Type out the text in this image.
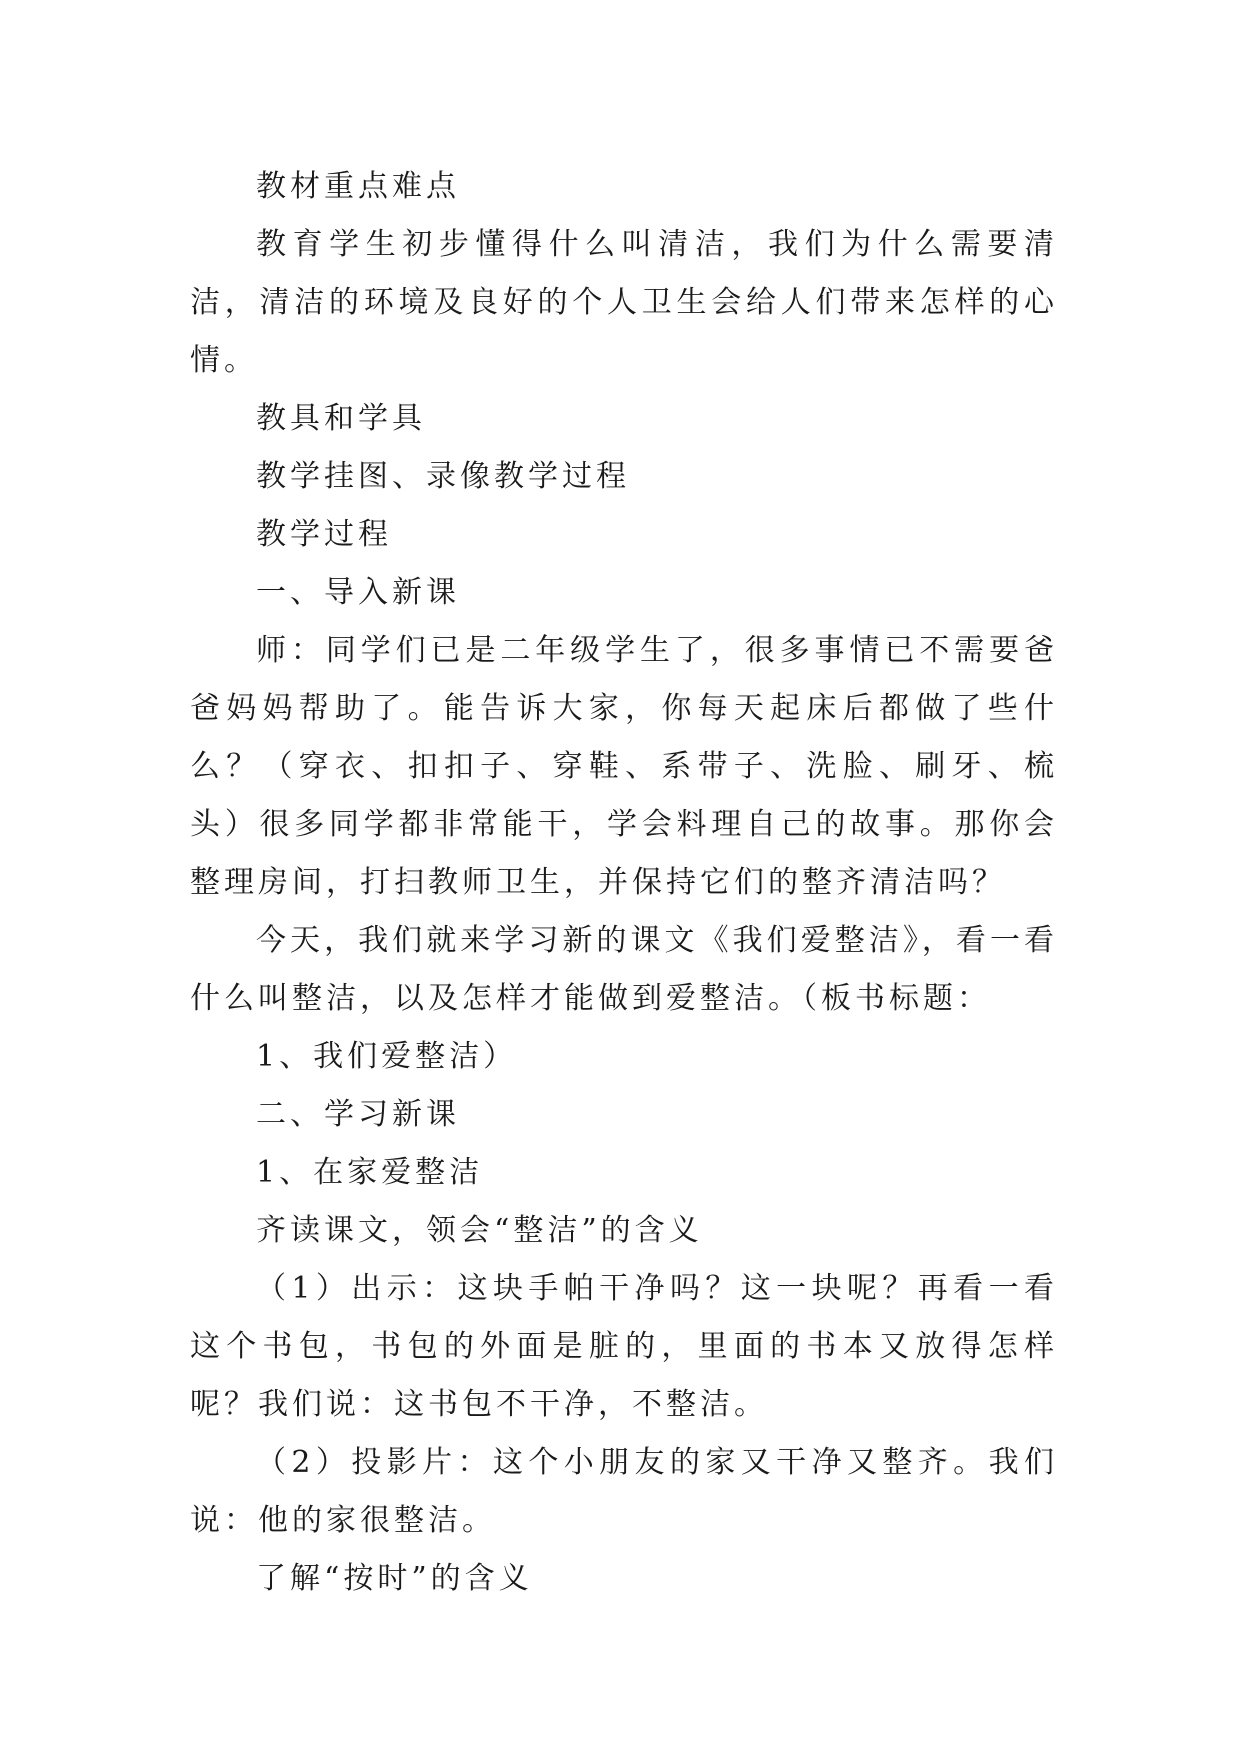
教材重点难点

教育学生初步懂得什么叫清洁，我们为什么需要清洁，清洁的环境及良好的个人卫生会给人们带来怎样的心情。

教具和学具

教学挂图、录像教学过程

教学过程

一、导入新课

师：同学们已是二年级学生了，很多事情已不需要爸爸妈妈帮助了。能告诉大家，你每天起床后都做了些什么？（穿衣、扣扣子、穿鞋、系带子、洗脸、刷牙、梳头）很多同学都非常能干，学会料理自己的故事。那你会整理房间，打扫教师卫生，并保持它们的整齐清洁吗？

今天，我们就来学习新的课文《我们爱整洁》，看一看什么叫整洁，以及怎样才能做到爱整洁。（板书标题：

1、我们爱整洁）

二、学习新课

1、在家爱整洁

齐读课文，领会“整洁”的含义

（1）出示：这块手帕干净吗？这一块呢？再看一看这个书包，书包的外面是脏的，里面的书本又放得怎样呢？我们说：这书包不干净，不整洁。

（2）投影片：这个小朋友的家又干净又整齐。我们说：他的家很整洁。

了解“按时”的含义
